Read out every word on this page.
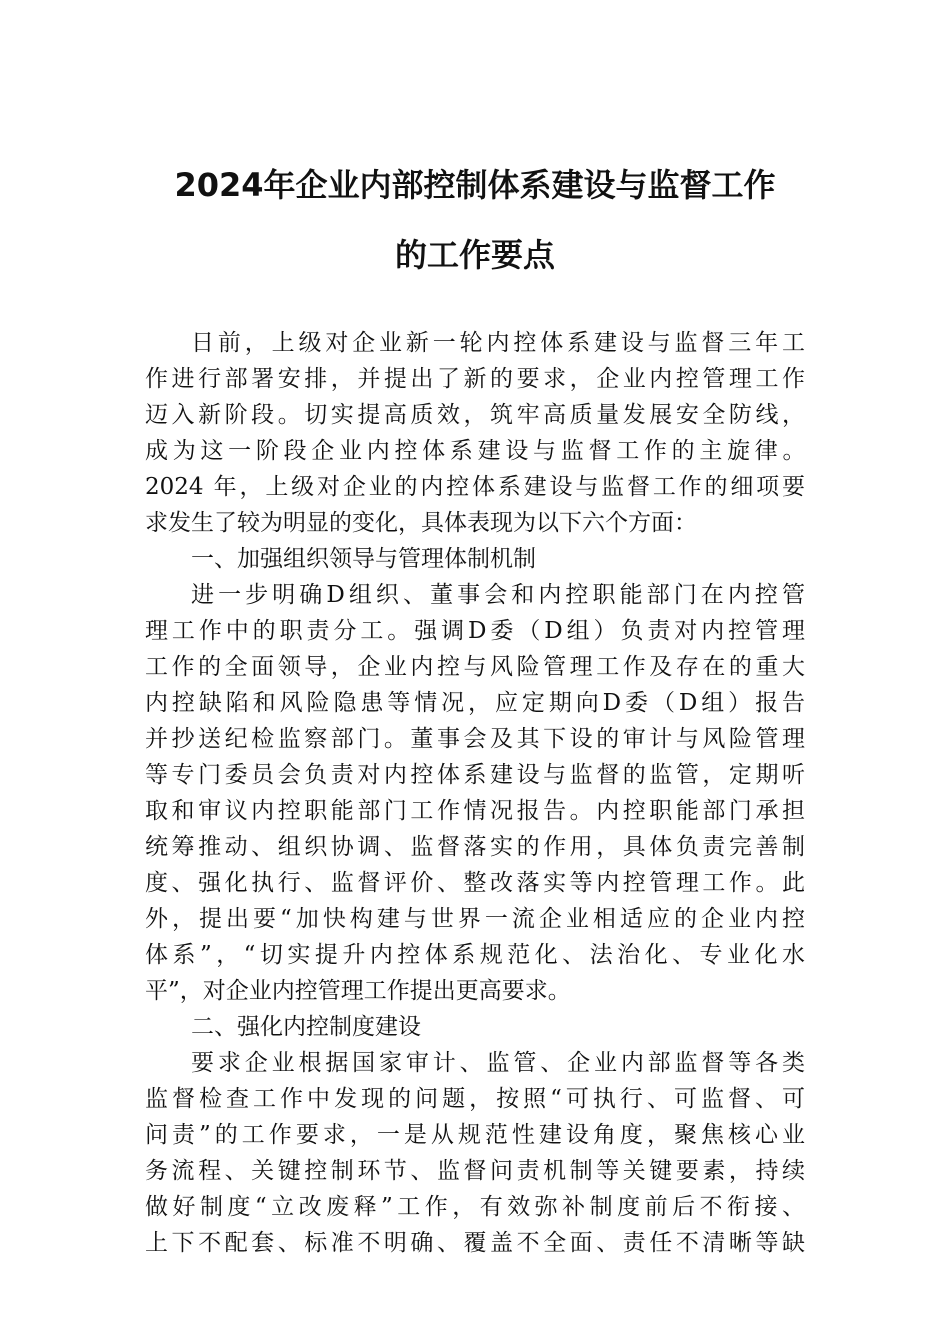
2024年企业内部控制体系建设与监督工作
的工作要点
日前，上级对企业新一轮内控体系建设与监督三年工
作进行部署安排，并提出了新的要求，企业内控管理工作
迈入新阶段。切实提高质效，筑牢高质量发展安全防线，
成为这一阶段企业内控体系建设与监督工作的主旋律。
2024 年，上级对企业的内控体系建设与监督工作的细项要
求发生了较为明显的变化，具体表现为以下六个方面：
一、加强组织领导与管理体制机制
进一步明确D组织、董事会和内控职能部门在内控管
理工作中的职责分工。强调D委（D组）负责对内控管理
工作的全面领导，企业内控与风险管理工作及存在的重大
内控缺陷和风险隐患等情况，应定期向D委（D组）报告
并抄送纪检监察部门。董事会及其下设的审计与风险管理
等专门委员会负责对内控体系建设与监督的监管，定期听
取和审议内控职能部门工作情况报告。内控职能部门承担
统筹推动、组织协调、监督落实的作用，具体负责完善制
度、强化执行、监督评价、整改落实等内控管理工作。此
外，提出要“加快构建与世界一流企业相适应的企业内控
体系”，“切实提升内控体系规范化、法治化、专业化水
平”，对企业内控管理工作提出更高要求。
二、强化内控制度建设
要求企业根据国家审计、监管、企业内部监督等各类
监督检查工作中发现的问题，按照“可执行、可监督、可
问责”的工作要求，一是从规范性建设角度，聚焦核心业
务流程、关键控制环节、监督问责机制等关键要素，持续
做好制度“立改废释”工作，有效弥补制度前后不衔接、
上下不配套、标准不明确、覆盖不全面、责任不清晰等缺
